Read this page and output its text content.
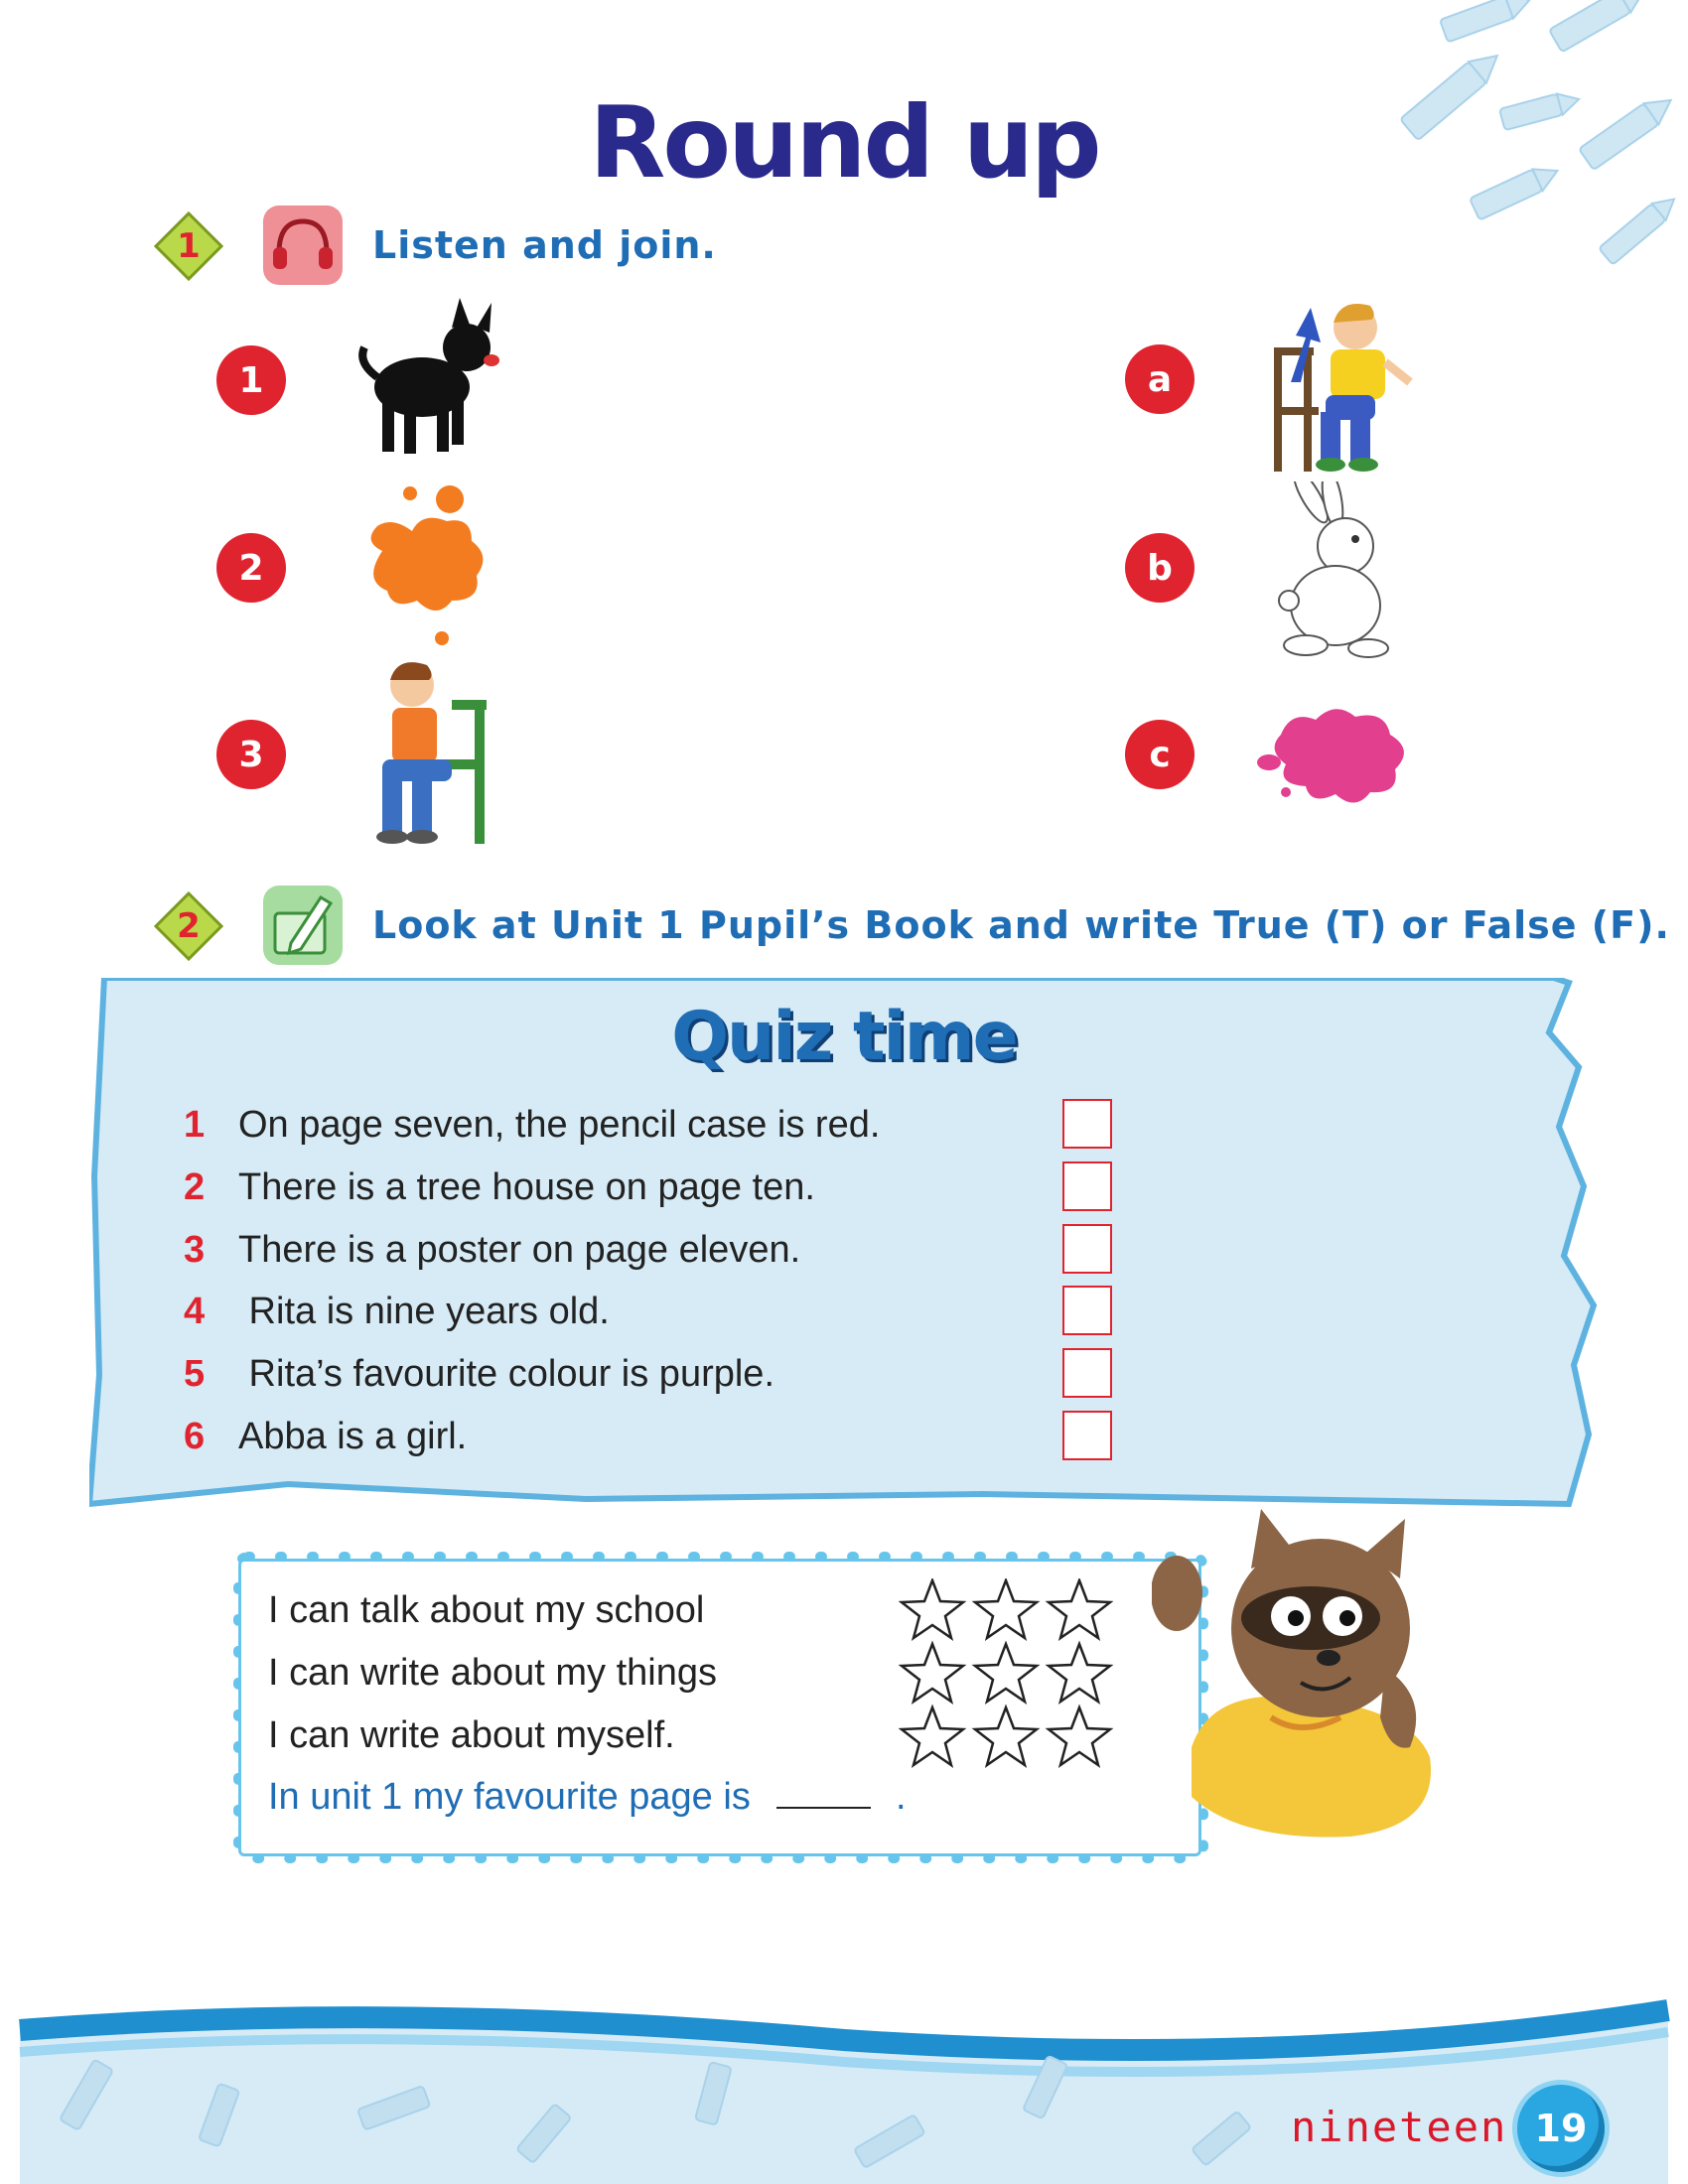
Round up
1	Listen and join.
1
2
3
a
b
c
2	Look at Unit 1 Pupil’s Book and write True (T) or False (F).
Quiz time
1 On page seven, the pencil case is red.
2 There is a tree house on page ten.
3 There is a poster on page eleven.
4 Rita is nine years old.
5 Rita’s favourite colour is purple.
6 Abba is a girl.
I can talk about my school
I can write about my things
I can write about myself.
In unit 1 my favourite page is	.
nineteen 19
